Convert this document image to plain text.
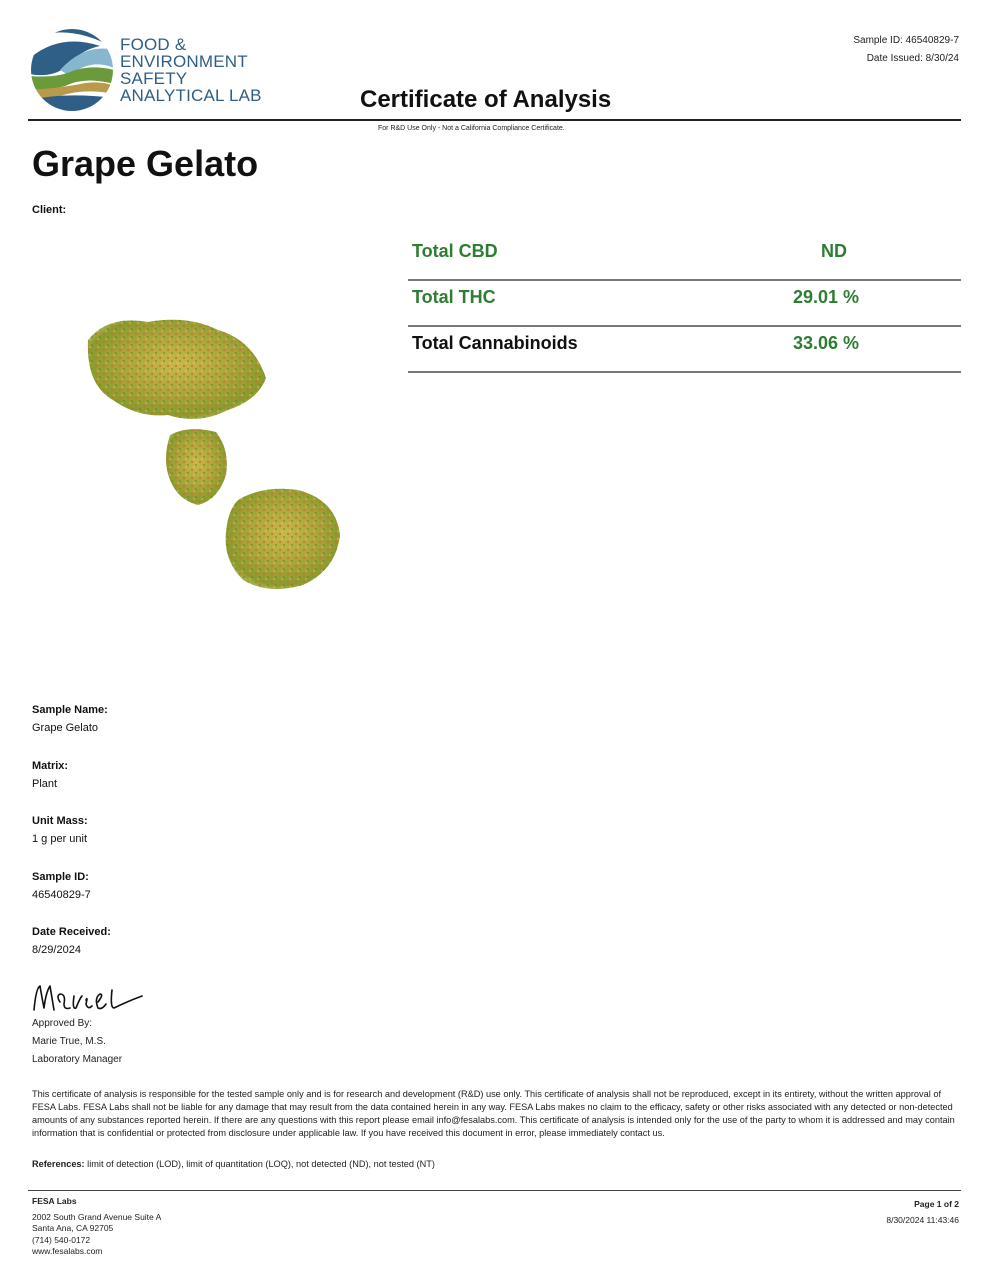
FOOD &
ENVIRONMENT
SAFETY
ANALYTICAL LAB
Sample ID: 46540829-7
Date Issued: 8/30/24
Certificate of Analysis
For R&D Use Only - Not a California Compliance Certificate.
Grape Gelato
Client:
Total CBD	ND
Total THC	29.01 %
Total Cannabinoids	33.06 %
Sample Name:
Grape Gelato
Matrix:
Plant
Unit Mass:
1 g per unit
Sample ID:
46540829-7
Date Received:
8/29/2024
Approved By:
Marie True, M.S.
Laboratory Manager
This certificate of analysis is responsible for the tested sample only and is for research and development (R&D) use only. This certificate of analysis shall not be reproduced, except in its entirety, without the written approval of FESA Labs. FESA Labs shall not be liable for any damage that may result from the data contained herein in any way. FESA Labs makes no claim to the efficacy, safety or other risks associated with any detected or non-detected amounts of any substances reported herein. If there are any questions with this report please email info@fesalabs.com. This certificate of analysis is intended only for the use of the party to whom it is addressed and may contain information that is confidential or protected from disclosure under applicable law. If you have received this document in error, please immediately contact us.
References: limit of detection (LOD), limit of quantitation (LOQ), not detected (ND), not tested (NT)
FESA Labs
2002 South Grand Avenue Suite A
Santa Ana, CA 92705
(714) 540-0172
www.fesalabs.com
Page 1 of 2
8/30/2024 11:43:46
